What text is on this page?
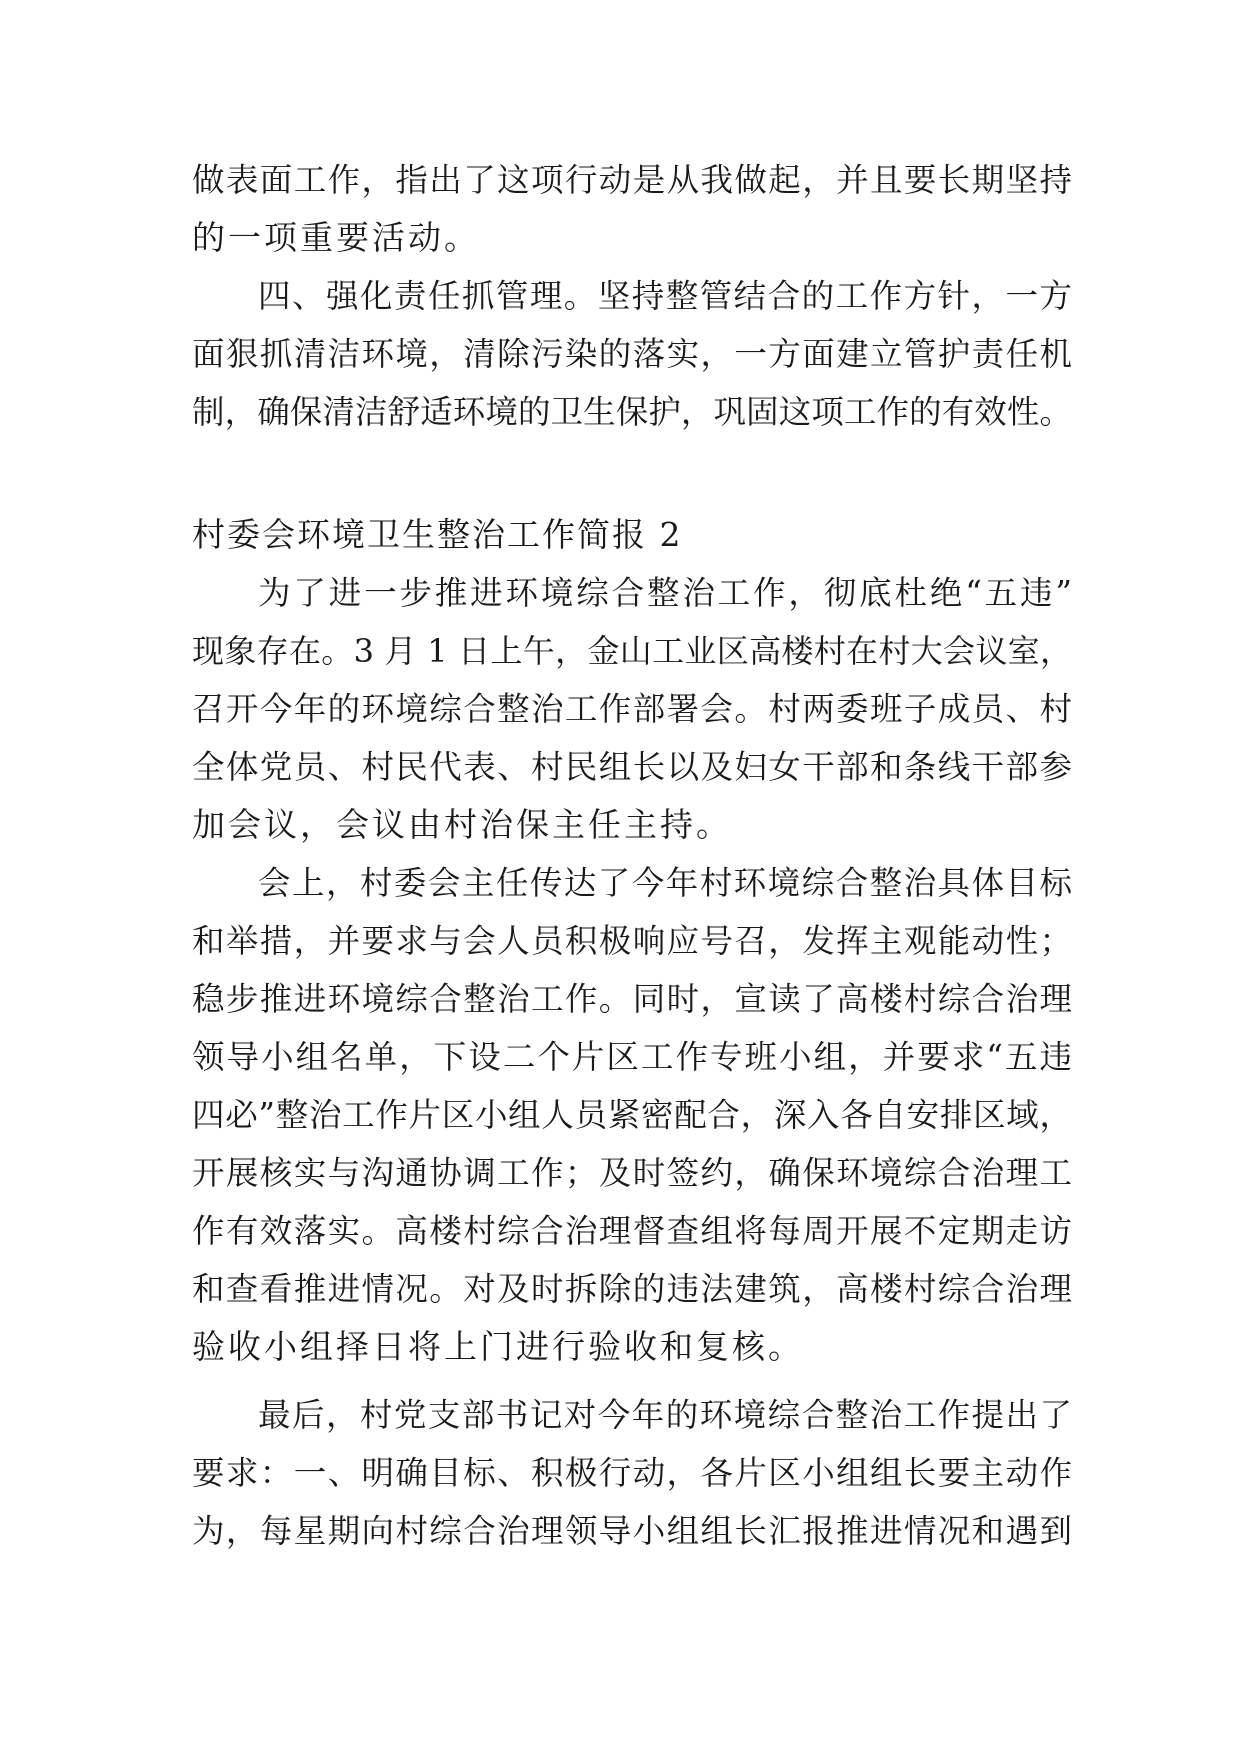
做表面工作，指出了这项行动是从我做起，并且要长期坚持
的一项重要活动。
四、强化责任抓管理。坚持整管结合的工作方针，一方
面狠抓清洁环境，清除污染的落实，一方面建立管护责任机
制，确保清洁舒适环境的卫生保护，巩固这项工作的有效性。
村委会环境卫生整治工作简报 2
为了进一步推进环境综合整治工作，彻底杜绝“五违”
现象存在。3 月 1 日上午，金山工业区高楼村在村大会议室，
召开今年的环境综合整治工作部署会。村两委班子成员、村
全体党员、村民代表、村民组长以及妇女干部和条线干部参
加会议，会议由村治保主任主持。
会上，村委会主任传达了今年村环境综合整治具体目标
和举措，并要求与会人员积极响应号召，发挥主观能动性；
稳步推进环境综合整治工作。同时，宣读了高楼村综合治理
领导小组名单，下设二个片区工作专班小组，并要求“五违
四必”整治工作片区小组人员紧密配合，深入各自安排区域，
开展核实与沟通协调工作；及时签约，确保环境综合治理工
作有效落实。高楼村综合治理督查组将每周开展不定期走访
和查看推进情况。对及时拆除的违法建筑，高楼村综合治理
验收小组择日将上门进行验收和复核。
最后，村党支部书记对今年的环境综合整治工作提出了
要求：一、明确目标、积极行动，各片区小组组长要主动作
为，每星期向村综合治理领导小组组长汇报推进情况和遇到
